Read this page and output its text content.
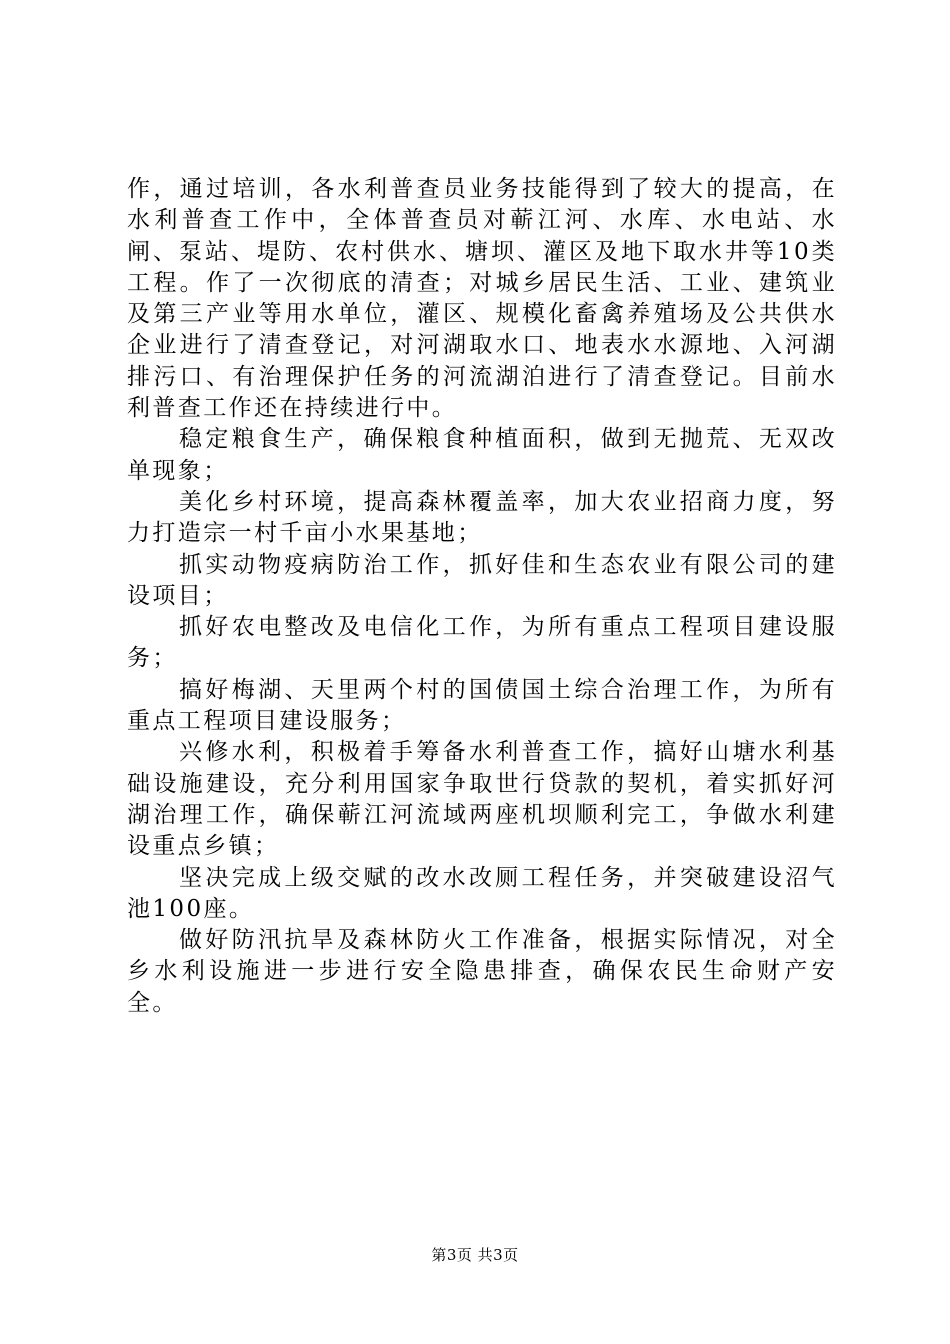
作，通过培训，各水利普查员业务技能得到了较大的提高，在水利普查工作中，全体普查员对蕲江河、水库、水电站、水闸、泵站、堤防、农村供水、塘坝、灌区及地下取水井等10类工程。作了一次彻底的清查；对城乡居民生活、工业、建筑业及第三产业等用水单位，灌区、规模化畜禽养殖场及公共供水企业进行了清查登记，对河湖取水口、地表水水源地、入河湖排污口、有治理保护任务的河流湖泊进行了清查登记。目前水利普查工作还在持续进行中。

稳定粮食生产，确保粮食种植面积，做到无抛荒、无双改单现象；

美化乡村环境，提高森林覆盖率，加大农业招商力度，努力打造宗一村千亩小水果基地；

抓实动物疫病防治工作，抓好佳和生态农业有限公司的建设项目；

抓好农电整改及电信化工作，为所有重点工程项目建设服务；

搞好梅湖、天里两个村的国债国土综合治理工作，为所有重点工程项目建设服务；

兴修水利，积极着手筹备水利普查工作，搞好山塘水利基础设施建设，充分利用国家争取世行贷款的契机，着实抓好河湖治理工作，确保蕲江河流域两座机坝顺利完工，争做水利建设重点乡镇；

坚决完成上级交赋的改水改厕工程任务，并突破建设沼气池100座。

做好防汛抗旱及森林防火工作准备，根据实际情况，对全乡水利设施进一步进行安全隐患排查，确保农民生命财产安全。

第3页 共3页
